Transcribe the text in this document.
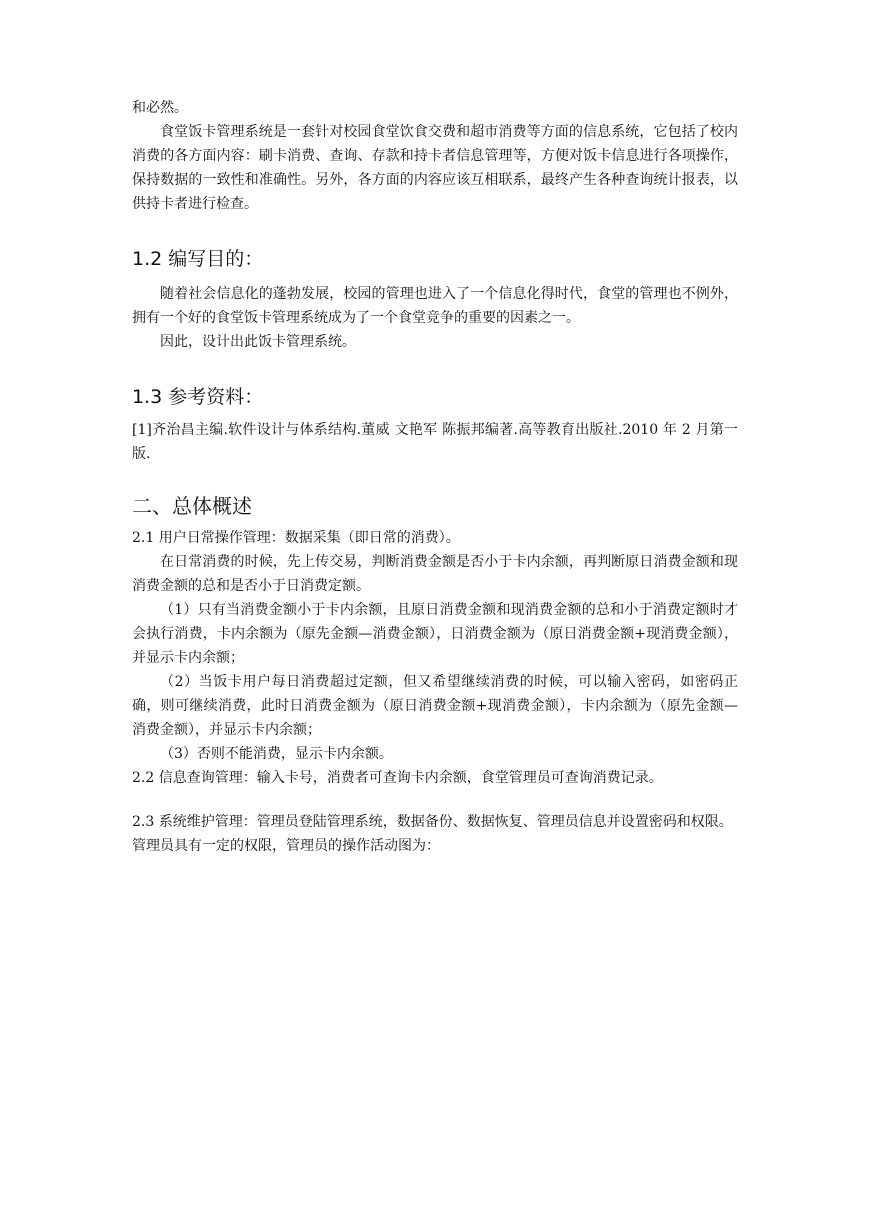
和必然。

食堂饭卡管理系统是一套针对校园食堂饮食交费和超市消费等方面的信息系统，它包括了校内消费的各方面内容：刷卡消费、查询、存款和持卡者信息管理等，方便对饭卡信息进行各项操作，保持数据的一致性和准确性。另外，各方面的内容应该互相联系，最终产生各种查询统计报表，以供持卡者进行检查。

1.2 编写目的：

随着社会信息化的蓬勃发展，校园的管理也进入了一个信息化得时代，食堂的管理也不例外，拥有一个好的食堂饭卡管理系统成为了一个食堂竞争的重要的因素之一。

因此，设计出此饭卡管理系统。

1.3 参考资料：

[1]齐治昌主编.软件设计与体系结构.董威 文艳军 陈振邦编著.高等教育出版社.2010 年 2 月第一版.

二、总体概述

2.1 用户日常操作管理：数据采集（即日常的消费）。

在日常消费的时候，先上传交易，判断消费金额是否小于卡内余额，再判断原日消费金额和现消费金额的总和是否小于日消费定额。

（1）只有当消费金额小于卡内余额，且原日消费金额和现消费金额的总和小于消费定额时才会执行消费，卡内余额为（原先金额—消费金额），日消费金额为（原日消费金额+现消费金额），并显示卡内余额；

（2）当饭卡用户每日消费超过定额，但又希望继续消费的时候，可以输入密码，如密码正确，则可继续消费，此时日消费金额为（原日消费金额+现消费金额），卡内余额为（原先金额—消费金额），并显示卡内余额；

（3）否则不能消费，显示卡内余额。

2.2 信息查询管理：输入卡号，消费者可查询卡内余额，食堂管理员可查询消费记录。

2.3 系统维护管理：管理员登陆管理系统，数据备份、数据恢复、管理员信息并设置密码和权限。

管理员具有一定的权限，管理员的操作活动图为：
